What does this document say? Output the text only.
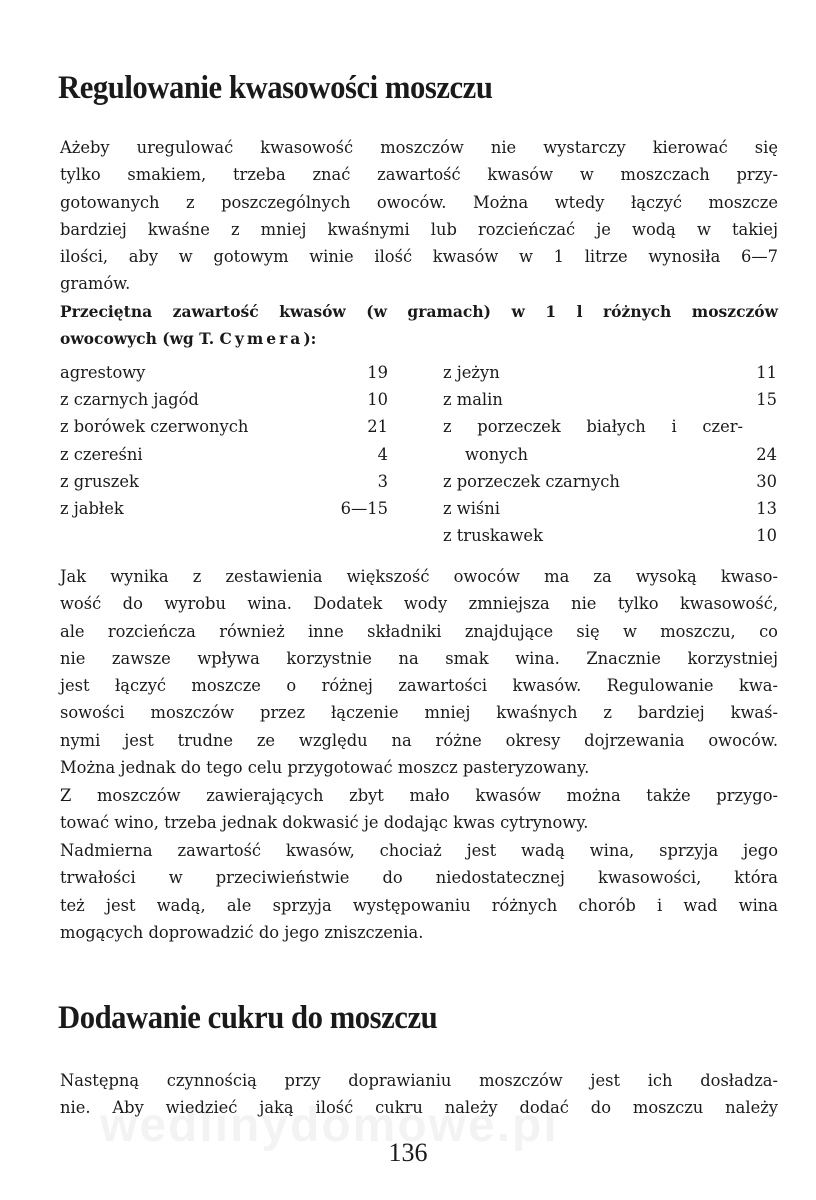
Regulowanie kwasowości moszczu
Ażeby uregulować kwasowość moszczów nie wystarczy kierować się
tylko smakiem, trzeba znać zawartość kwasów w moszczach przy-
gotowanych z poszczególnych owoców. Można wtedy łączyć moszcze
bardziej kwaśne z mniej kwaśnymi lub rozcieńczać je wodą w takiej
ilości, aby w gotowym winie ilość kwasów w 1 litrze wynosiła 6—7
gramów.
Przeciętna zawartość kwasów (w gramach) w 1 l różnych moszczów
owocowych (wg T. Cymera):
agrestowy	19
z czarnych jagód	10
z borówek czerwonych	21
z czereśni	4
z gruszek	3
z jabłek	6—15
z jeżyn	11
z malin	15
z porzeczek białych i czer-
wonych	24
z porzeczek czarnych	30
z wiśni	13
z truskawek	10
Jak wynika z zestawienia większość owoców ma za wysoką kwaso-
wość do wyrobu wina. Dodatek wody zmniejsza nie tylko kwasowość,
ale rozcieńcza również inne składniki znajdujące się w moszczu, co
nie zawsze wpływa korzystnie na smak wina. Znacznie korzystniej
jest łączyć moszcze o różnej zawartości kwasów. Regulowanie kwa-
sowości moszczów przez łączenie mniej kwaśnych z bardziej kwaś-
nymi jest trudne ze względu na różne okresy dojrzewania owoców.
Można jednak do tego celu przygotować moszcz pasteryzowany.
Z moszczów zawierających zbyt mało kwasów można także przygo-
tować wino, trzeba jednak dokwasić je dodając kwas cytrynowy.
Nadmierna zawartość kwasów, chociaż jest wadą wina, sprzyja jego
trwałości w przeciwieństwie do niedostatecznej kwasowości, która
też jest wadą, ale sprzyja występowaniu różnych chorób i wad wina
mogących doprowadzić do jego zniszczenia.
Dodawanie cukru do moszczu
Następną czynnością przy doprawianiu moszczów jest ich dosładza-
nie. Aby wiedzieć jaką ilość cukru należy dodać do moszczu należy
136
